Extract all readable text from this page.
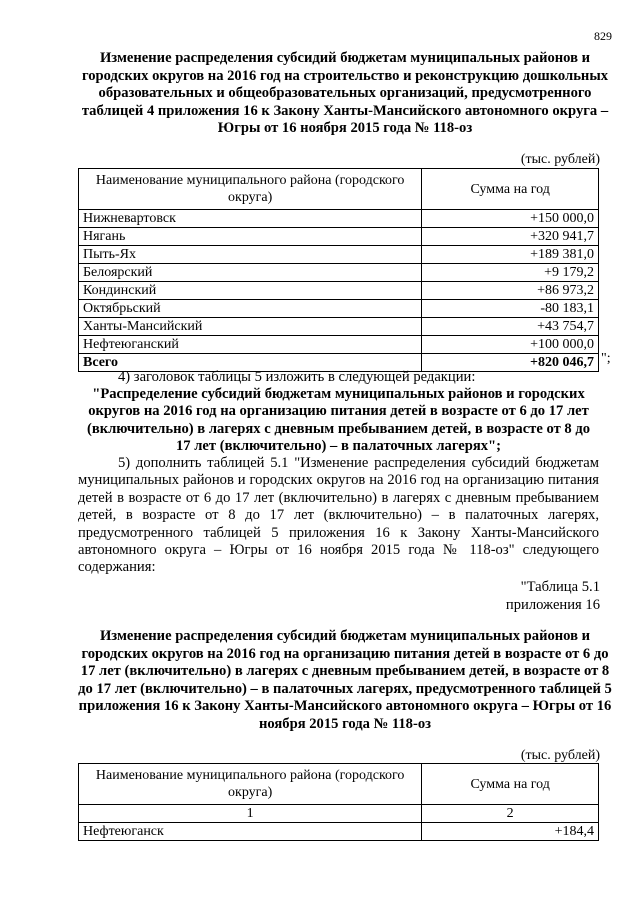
829
Изменение распределения субсидий бюджетам муниципальных районов и городских округов на 2016 год на строительство и реконструкцию дошкольных образовательных и общеобразовательных организаций, предусмотренного таблицей 4 приложения 16 к Закону Ханты-Мансийского автономного округа – Югры от 16 ноября 2015 года № 118-оз
(тыс. рублей)
Наименование муниципального района (городского округа)	Сумма на год
Нижневартовск	+150 000,0
Нягань	+320 941,7
Пыть-Ях	+189 381,0
Белоярский	+9 179,2
Кондинский	+86 973,2
Октябрьский	-80 183,1
Ханты-Мансийский	+43 754,7
Нефтеюганский	+100 000,0
Всего	+820 046,7 ";
4) заголовок таблицы 5 изложить в следующей редакции:
"Распределение субсидий бюджетам муниципальных районов и городских округов на 2016 год на организацию питания детей в возрасте от 6 до 17 лет (включительно) в лагерях с дневным пребыванием детей, в возрасте от 8 до 17 лет (включительно) – в палаточных лагерях";
5) дополнить таблицей 5.1 "Изменение распределения субсидий бюджетам муниципальных районов и городских округов на 2016 год на организацию питания детей в возрасте от 6 до 17 лет (включительно) в лагерях с дневным пребыванием детей, в возрасте от 8 до 17 лет (включительно) – в палаточных лагерях, предусмотренного таблицей 5 приложения 16 к Закону Ханты-Мансийского автономного округа – Югры от 16 ноября 2015 года № 118-оз" следующего содержания:
"Таблица 5.1
приложения 16
Изменение распределения субсидий бюджетам муниципальных районов и городских округов на 2016 год на организацию питания детей в возрасте от 6 до 17 лет (включительно) в лагерях с дневным пребыванием детей, в возрасте от 8 до 17 лет (включительно) – в палаточных лагерях, предусмотренного таблицей 5 приложения 16 к Закону Ханты-Мансийского автономного округа – Югры от 16 ноября 2015 года № 118-оз
(тыс. рублей)
Наименование муниципального района (городского округа)	Сумма на год
1	2
Нефтеюганск	+184,4
